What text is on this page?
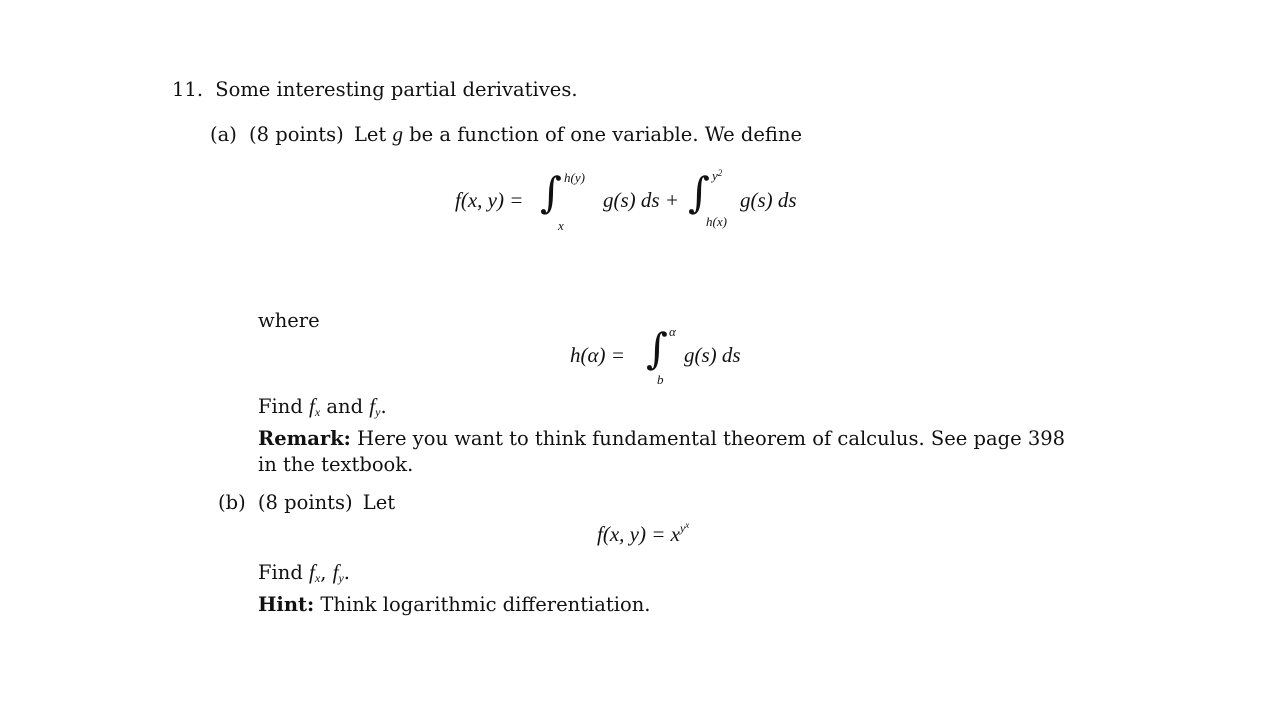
11. Some interesting partial derivatives.
(a) (8 points) Let g be a function of one variable. We define
f(x, y) = ∫ h(y)
x
g(s) ds + ∫ $y^2$
h(x)
g(s) ds
where
h(α) = ∫ α
b
g(s) ds
Find $f_x$ and $f_y$.
Remark: Here you want to think fundamental theorem of calculus. See page 398
in the textbook.
(b) (8 points) Let
f(x, $y) = x^{y^x}$
Find $f_x$, $f_y$.
Hint: Think logarithmic differentiation.
